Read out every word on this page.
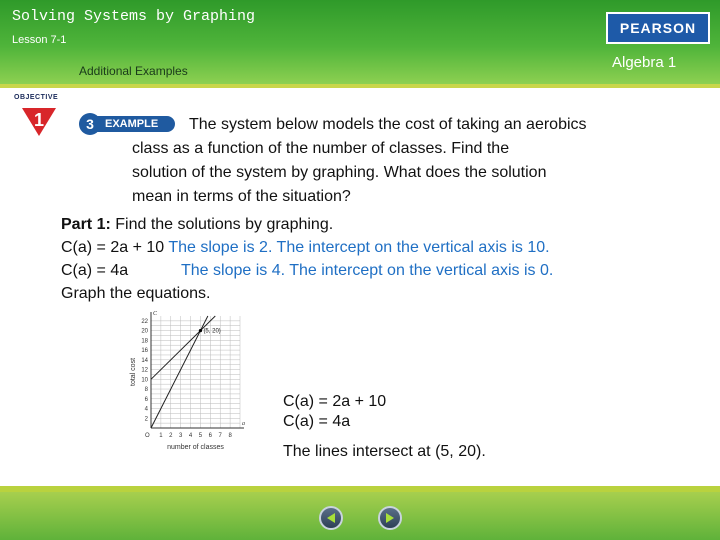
Solving Systems by Graphing
Lesson 7-1
Additional Examples
PEARSON
Algebra 1
OBJECTIVE
1	EXAMPLE
3	The system below models the cost of taking an aerobics
class as a function of the number of classes. Find the
solution of the system by graphing. What does the solution
mean in terms of the situation?
Part 1: Find the solutions by graphing.
C(a) = 2a + 10 The slope is 2. The intercept on the vertical axis is 10.
C(a) = 4a	The slope is 4. The intercept on the vertical axis is 0.
Graph the equations.
1 2 3 4 5 6 7 8
2
4
6
8
10
12
14
16
18
20
22
O
a
C
number of classes
total cost
(5, 20)
C(a) = 2a + 10
C(a) = 4a
The lines intersect at (5, 20).
